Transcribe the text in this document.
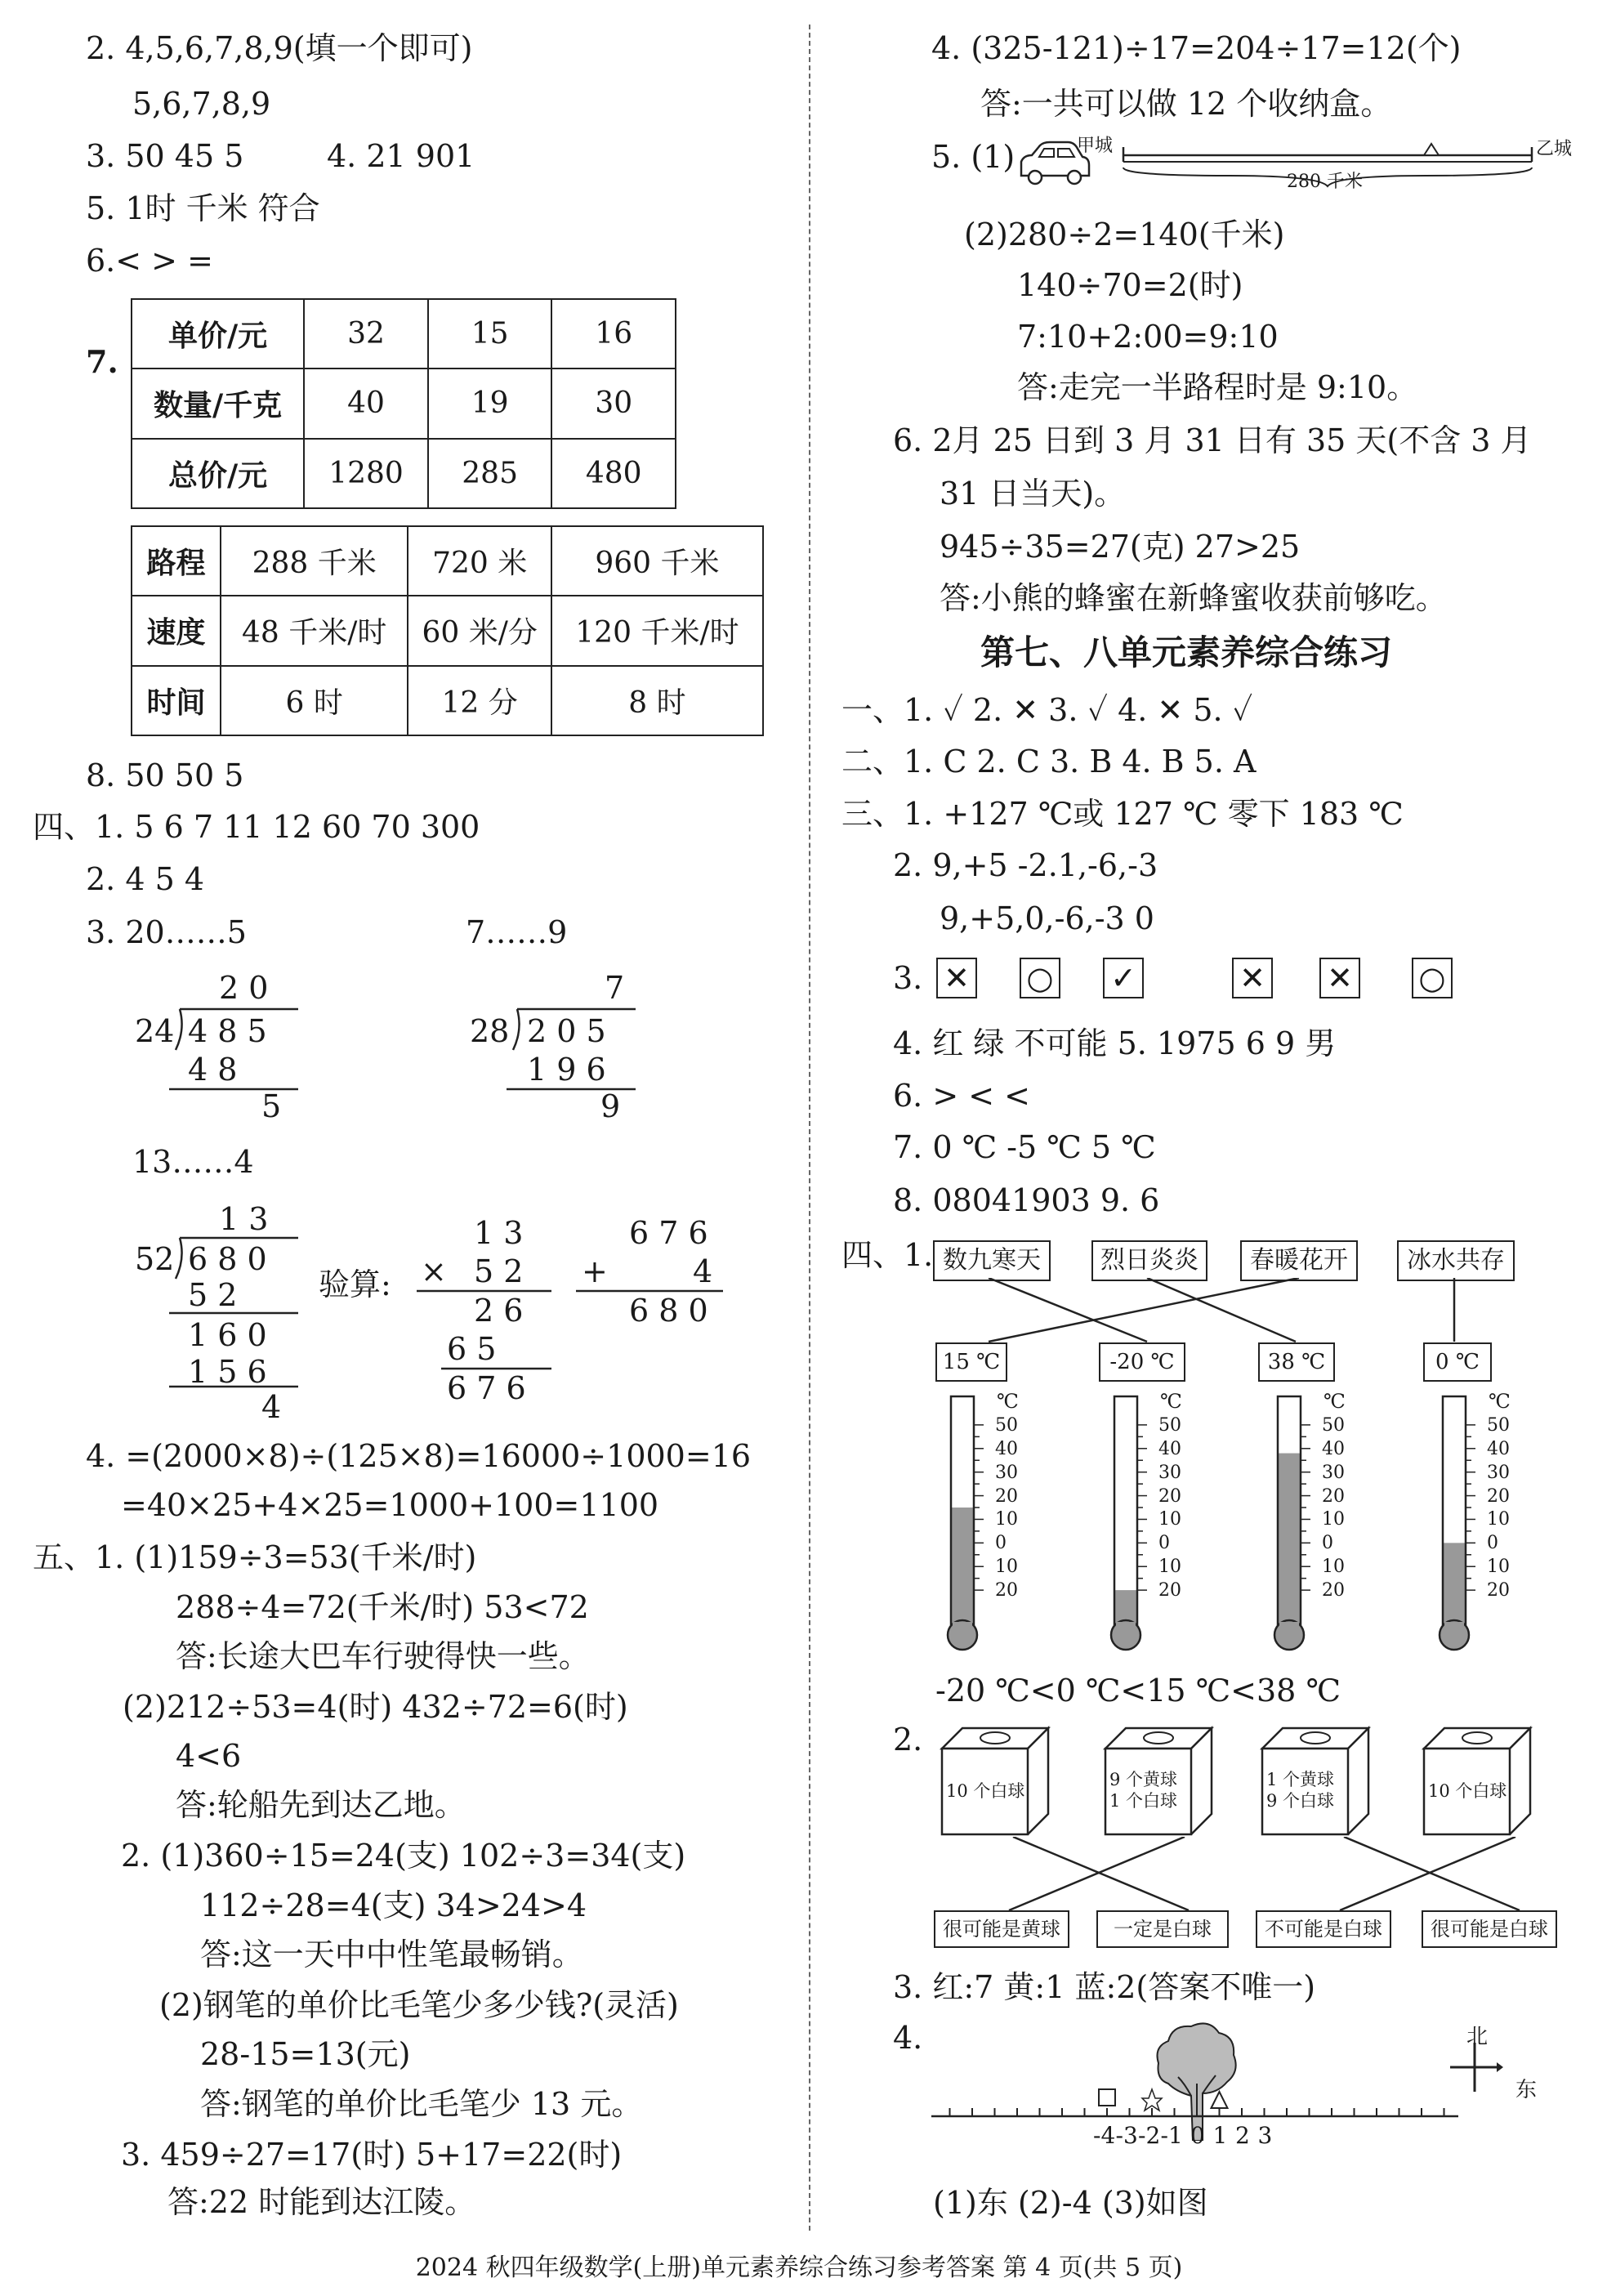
2. 4,5,6,7,8,9(填一个即可)
5,6,7,8,9
3. 50 45 5	4. 21 901
5. 1时 千米 符合
6.< > =
7.
单价/元	32	15	16
数量/千克	40	19	30
总价/元	1280	285	480
路程	288 千米	720 米	960 千米
速度	48 千米/时	60 米/分	120 千米/时
时间	6 时	12 分	8 时
8. 50 50 5
四、1. 5 6 7 11 12 60 70 300
2. 4 5 4
3. 20……5	7……9
2 0
24 4 8 5
4 8
5
7
28 2 0 5
1 9 6
9
13……4
1 3
52 6 8 0
5 2
1 6 0
1 5 6
4
验算:
1 3
× 5 2
2 6
6 5
6 7 6
6 7 6
+	4
6 8 0
4. =(2000×8)÷(125×8)=16000÷1000=16
=40×25+4×25=1000+100=1100
五、1. (1)159÷3=53(千米/时)
288÷4=72(千米/时) 53<72
答:长途大巴车行驶得快一些。
(2)212÷53=4(时) 432÷72=6(时)
4<6
答:轮船先到达乙地。
2. (1)360÷15=24(支) 102÷3=34(支)
112÷28=4(支) 34>24>4
答:这一天中中性笔最畅销。
(2)钢笔的单价比毛笔少多少钱?(灵活)
28-15=13(元)
答:钢笔的单价比毛笔少 13 元。
3. 459÷27=17(时) 5+17=22(时)
答:22 时能到达江陵。
4. (325-121)÷17=204÷17=12(个)
答:一共可以做 12 个收纳盒。
5. (1)	甲城	乙城
280 千米
(2)280÷2=140(千米)
140÷70=2(时)
7:10+2:00=9:10
答:走完一半路程时是 9:10。
6. 2月 25 日到 3 月 31 日有 35 天(不含 3 月
31 日当天)。
945÷35=27(克) 27>25
答:小熊的蜂蜜在新蜂蜜收获前够吃。
第七、八单元素养综合练习
一、1. ✓ 2. ✕ 3. ✓ 4. ✕ 5. ✓
二、1. C 2. C 3. B 4. B 5. A
三、1. +127 ℃或 127 ℃ 零下 183 ℃
2. 9,+5 -2.1,-6,-3
9,+5,0,-6,-3 0
3. ✕ ○ ✓	✕ ✕ ○
4. 红 绿 不可能 5. 1975 6 9 男
6. > < <
7. 0 ℃ -5 ℃ 5 ℃
8. 08041903 9. 6
四、1. 数九寒天	烈日炎炎	春暖花开	冰水共存
15 ℃	-20 ℃	38 ℃	0 ℃
℃
50
40
30
20
10
0
10
20
℃
50
40
30
20
10
0
10
20
℃
50
40
30
20
10
0
10
20
℃
50
40
30
20
10
0
10
20
-20 ℃<0 ℃<15 ℃<38 ℃
2.
10 个白球
9 个黄球
1 个白球
1 个黄球
9 个白球	10 个白球
很可能是黄球	一定是白球	不可能是白球	很可能是白球
3. 红:7 黄:1 蓝:2(答案不唯一)
4.	北
东
(1)东 (2)-4 (3)如图
2024 秋四年级数学(上册)单元素养综合练习参考答案 第 4 页(共 5 页)
-4 -3 -2 -1 0 1 2 3
